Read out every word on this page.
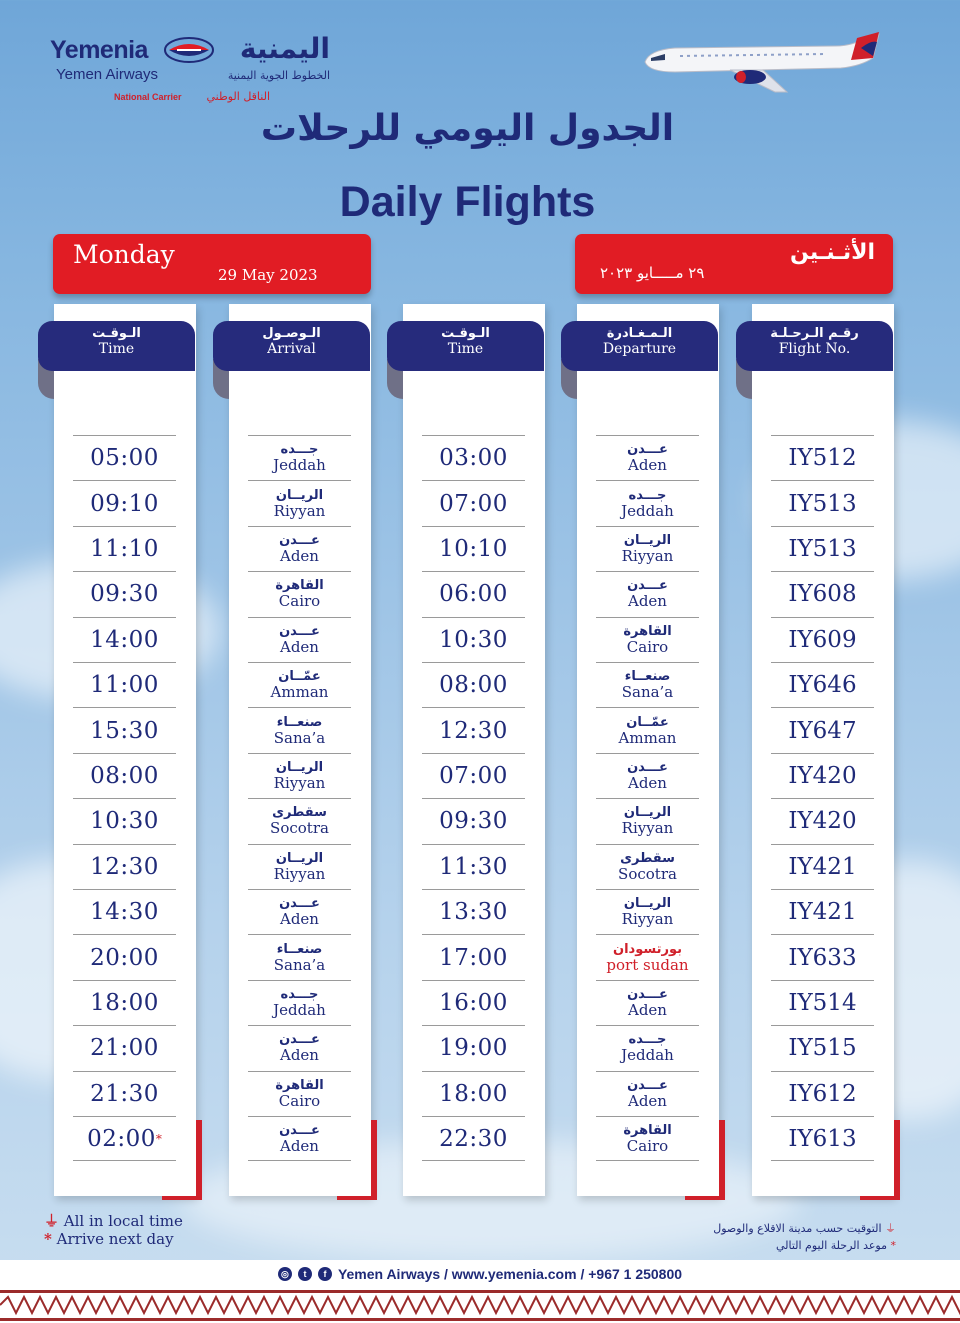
Yemenia
Yemen Airways
National Carrier
اليمنية
الخطوط الجوية اليمنية
الناقل الوطني
الجدول اليومي للرحلات
Daily Flights
Monday
29 May 2023
الأثـنـين
٢٩ مـــــايو ٢٠٢٣
الـوقـت
Time
05:00
09:10
11:10
09:30
14:00
11:00
15:30
08:00
10:30
12:30
14:30
20:00
18:00
21:00
21:30
02:00 *
الـوصـول
Arrival
جـــده
Jeddah
الريــان
Riyyan
عـــدن
Aden
القاهرة
Cairo
عـــدن
Aden
عمّــان
Amman
صنعــاء
Sana’a
الريــان
Riyyan
سقطرى
Socotra
الريــان
Riyyan
عـــدن
Aden
صنعــاء
Sana’a
جـــده
Jeddah
عـــدن
Aden
القاهرة
Cairo
عـــدن
Aden
الـوقـت
Time
03:00
07:00
10:10
06:00
10:30
08:00
12:30
07:00
09:30
11:30
13:30
17:00
16:00
19:00
18:00
22:30
الـمـغـادرة
Departure
عـــدن
Aden
جـــده
Jeddah
الريــان
Riyyan
عـــدن
Aden
القاهرة
Cairo
صنعــاء
Sana’a
عمّــان
Amman
عـــدن
Aden
الريــان
Riyyan
سقطرى
Socotra
الريــان
Riyyan
بورتسودان
port sudan
عـــدن
Aden
جـــده
Jeddah
عـــدن
Aden
القاهرة
Cairo
رقـم الـرحـلـة
Flight No.
IY512
IY513
IY513
IY608
IY609
IY646
IY647
IY420
IY420
IY421
IY421
IY633
IY514
IY515
IY612
IY613
⏚ All in local time
* Arrive next day
⏚ التوقيت حسب مدينة الاقلاع والوصول
* موعد الرحلة اليوم التالي
◎	t	f Yemen Airways / www.yemenia.com / +967 1 250800
